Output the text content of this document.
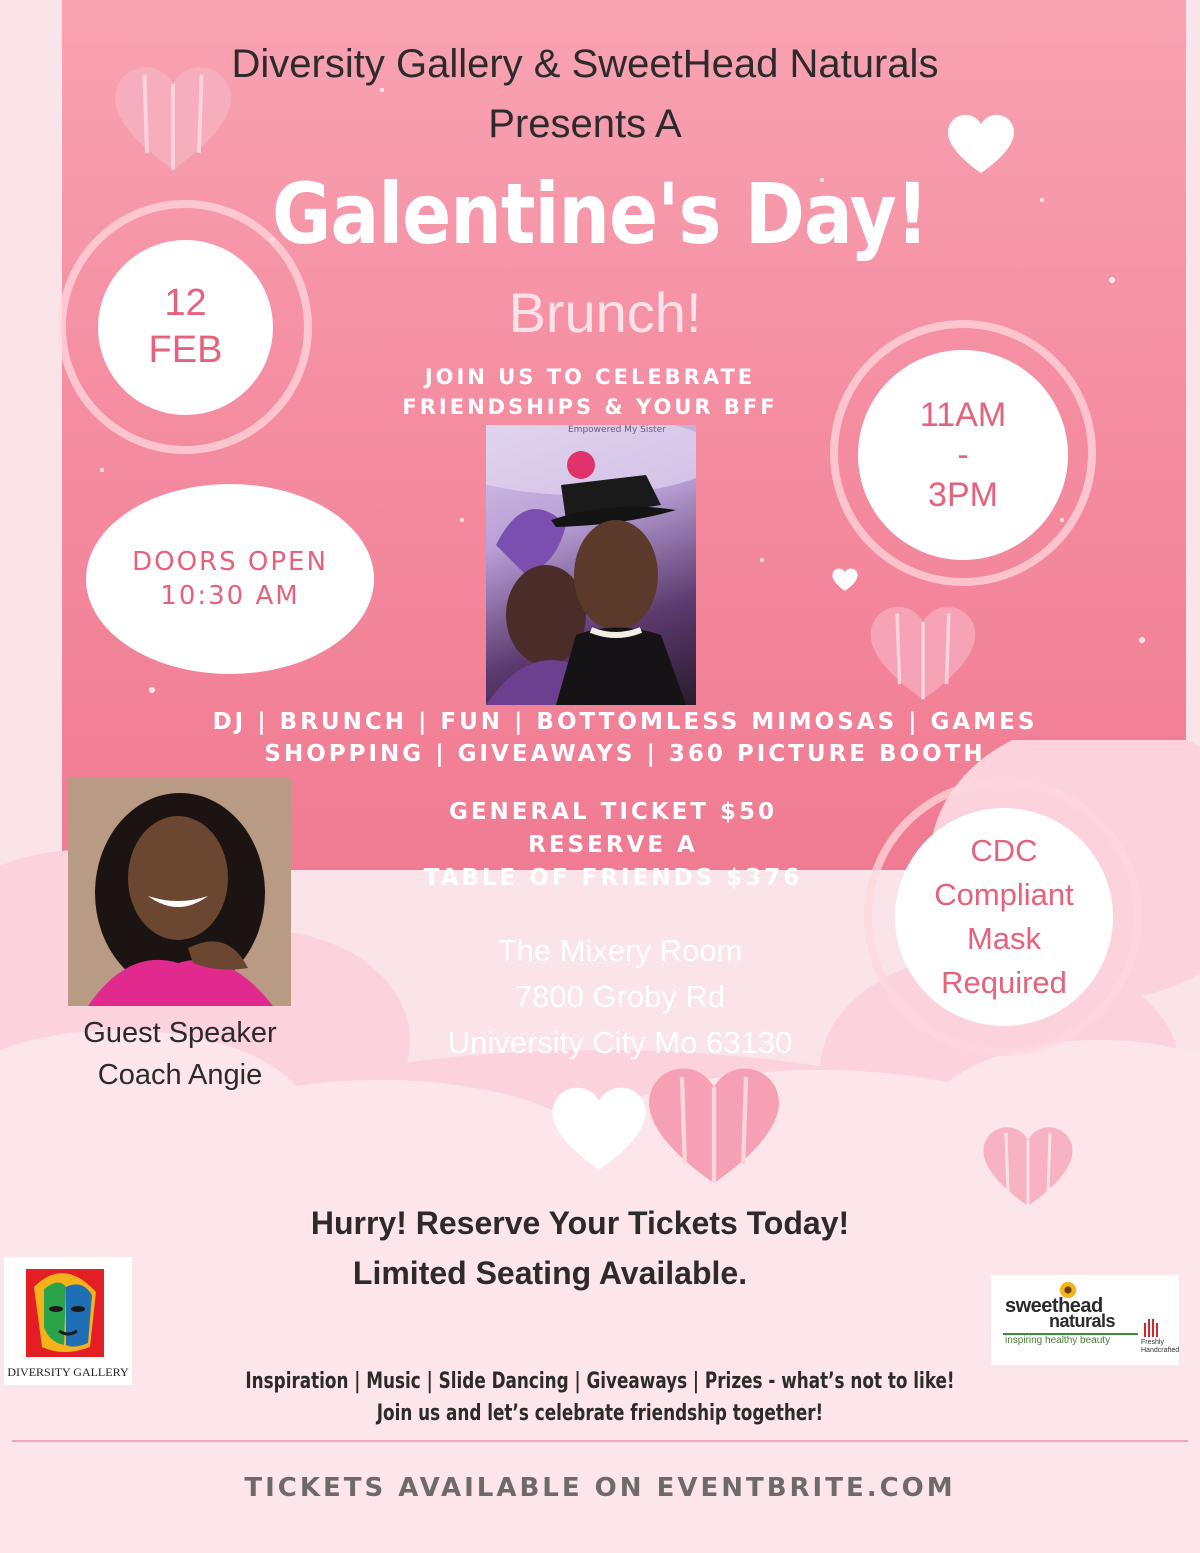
Diversity Gallery & SweetHead Naturals
Presents A
Galentine's Day!
Brunch!
12
FEB
11AM
-
3PM
DOORS OPEN
10:30 AM
JOIN US TO CELEBRATE
FRIENDSHIPS & YOUR BFF
Empowered My Sister
DJ | BRUNCH | FUN | BOTTOMLESS MIMOSAS | GAMES
SHOPPING | GIVEAWAYS | 360 PICTURE BOOTH
Guest Speaker
Coach Angie
GENERAL TICKET $50
RESERVE A
TABLE OF FRIENDS $376
The Mixery Room
7800 Groby Rd
University City Mo 63130
CDC
Compliant
Mask
Required
Hurry! Reserve Your Tickets Today!
Limited Seating Available.
DIVERSITY GALLERY
sweethead
naturals
inspiring healthy beauty	Freshly Handcrafted
Inspiration | Music | Slide Dancing | Giveaways | Prizes - what’s not to like!
Join us and let’s celebrate friendship together!
TICKETS AVAILABLE ON EVENTBRITE.COM
